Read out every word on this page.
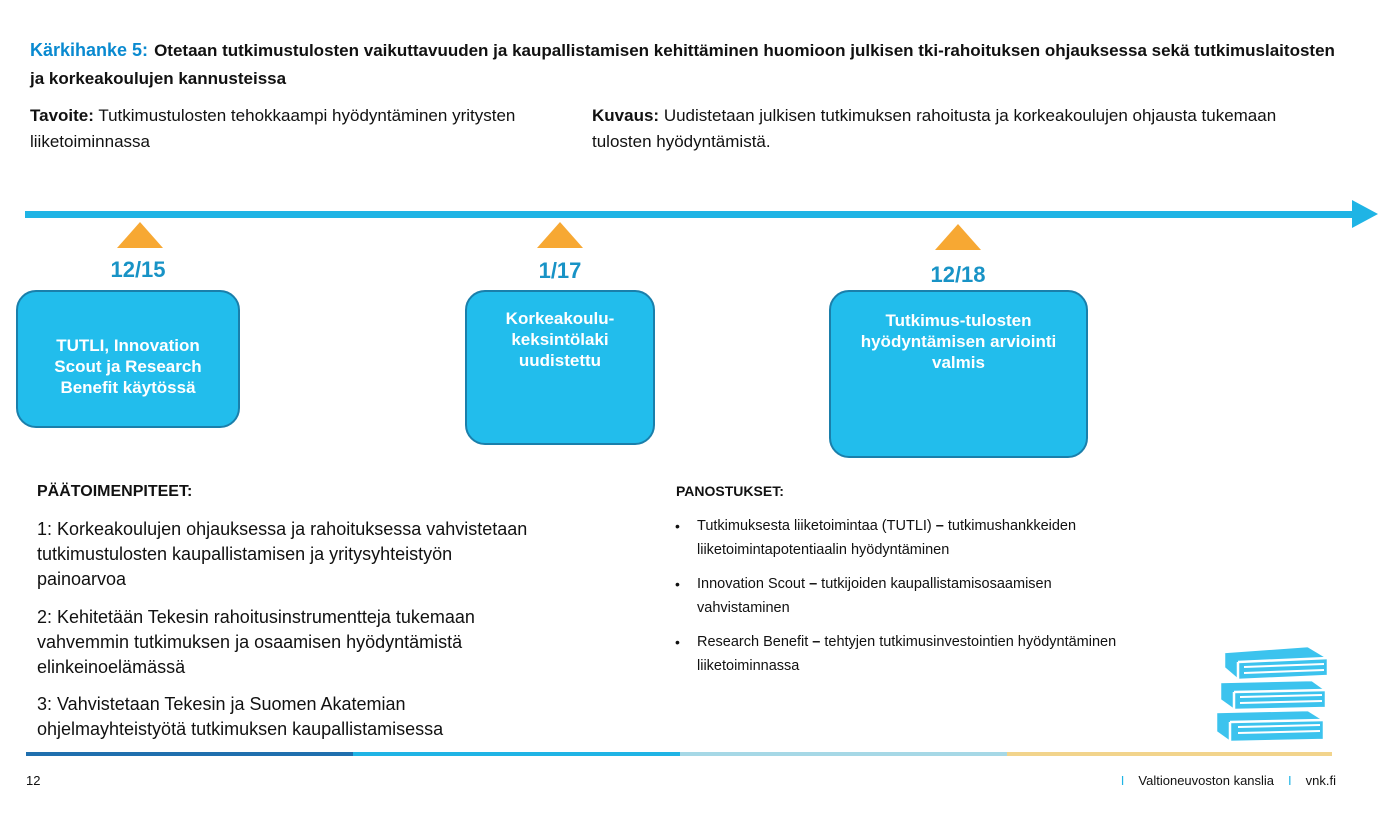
Kärkihanke 5: Otetaan tutkimustulosten vaikuttavuuden ja kaupallistamisen kehittäminen huomioon julkisen tki-rahoituksen ohjauksessa sekä tutkimuslaitosten ja korkeakoulujen kannusteissa
Tavoite: Tutkimustulosten tehokkaampi hyödyntäminen yritysten liiketoiminnassa
Kuvaus: Uudistetaan julkisen tutkimuksen rahoitusta ja korkeakoulujen ohjausta tukemaan tulosten hyödyntämistä.
12/15
TUTLI, Innovation
Scout ja Research
Benefit käytössä
1/17
Korkeakoulu-
keksintölaki
uudistettu
12/18
Tutkimus-tulosten
hyödyntämisen arviointi
valmis
PÄÄTOIMENPITEET:
1: Korkeakoulujen ohjauksessa ja rahoituksessa vahvistetaan tutkimustulosten kaupallistamisen ja yritysyhteistyön painoarvoa
2: Kehitetään Tekesin rahoitusinstrumentteja tukemaan vahvemmin tutkimuksen ja osaamisen hyödyntämistä elinkeinoelämässä
3: Vahvistetaan Tekesin ja Suomen Akatemian ohjelmayhteistyötä tutkimuksen kaupallistamisessa
PANOSTUKSET:
• Tutkimuksesta liiketoimintaa (TUTLI) – tutkimushankkeiden liiketoimintapotentiaalin hyödyntäminen
• Innovation Scout – tutkijoiden kaupallistamisosaamisen vahvistaminen
• Research Benefit – tehtyjen tutkimusinvestointien hyödyntäminen liiketoiminnassa
12	I Valtioneuvoston kanslia I vnk.fi
